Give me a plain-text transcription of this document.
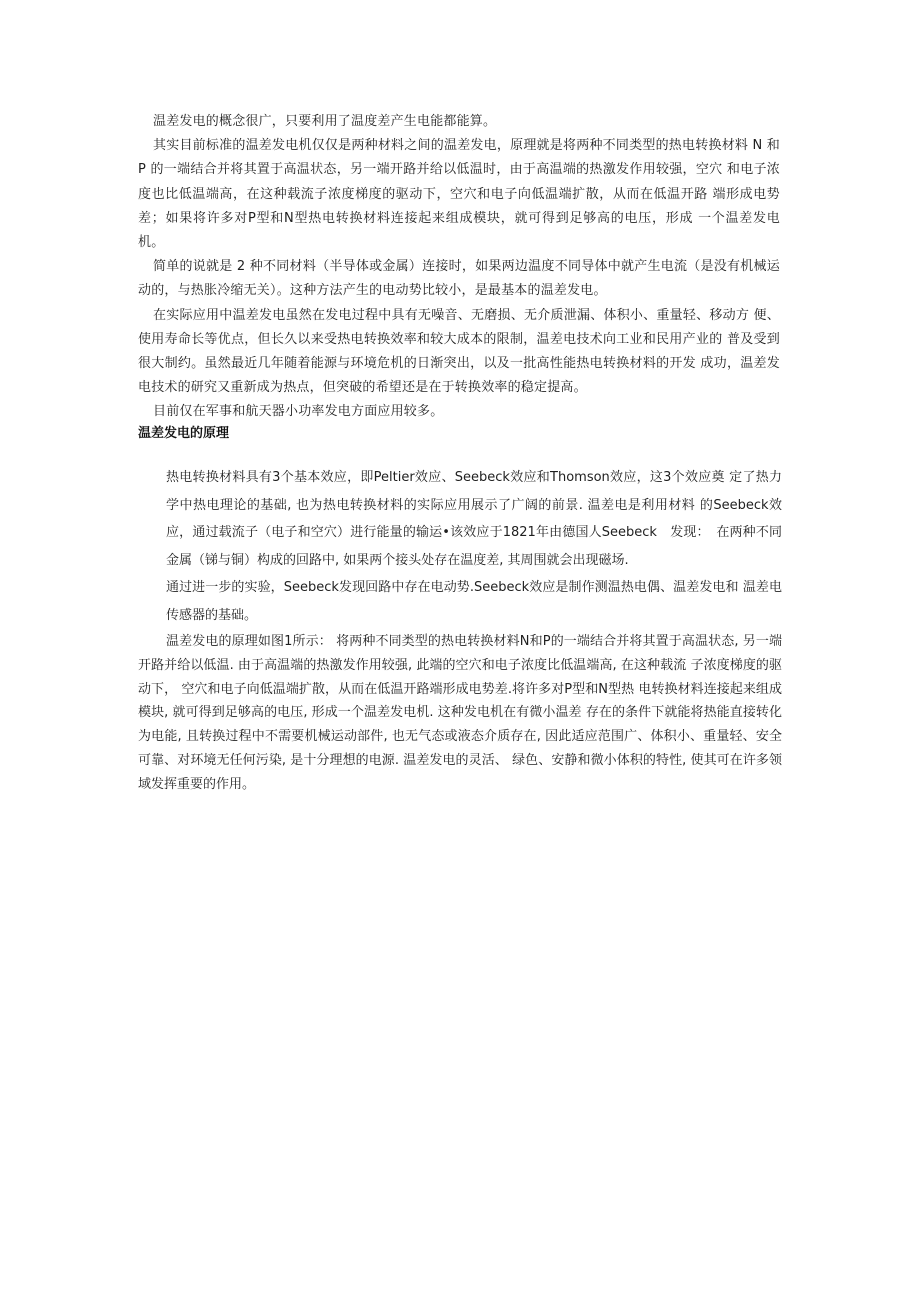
温差发电的概念很广，只要利用了温度差产生电能都能算。

其实目前标准的温差发电机仅仅是两种材料之间的温差发电，原理就是将两种不同类型的热电转换材料 N 和 P 的一端结合并将其置于高温状态，另一端开路并给以低温时，由于高温端的热激发作用较强，空穴 和电子浓度也比低温端高，在这种载流子浓度梯度的驱动下，空穴和电子向低温端扩散，从而在低温开路 端形成电势差；如果将许多对P型和N型热电转换材料连接起来组成模块，就可得到足够高的电压，形成 一个温差发电机。

简单的说就是 2 种不同材料（半导体或金属）连接时，如果两边温度不同导体中就产生电流（是没有机械运 动的，与热胀冷缩无关）。这种方法产生的电动势比较小，是最基本的温差发电。

在实际应用中温差发电虽然在发电过程中具有无噪音、无磨损、无介质泄漏、体积小、重量轻、移动方 便、使用寿命长等优点，但长久以来受热电转换效率和较大成本的限制，温差电技术向工业和民用产业的 普及受到很大制约。虽然最近几年随着能源与环境危机的日渐突出，以及一批高性能热电转换材料的开发 成功，温差发电技术的研究又重新成为热点，但突破的希望还是在于转换效率的稳定提高。

目前仅在军事和航天器小功率发电方面应用较多。

温差发电的原理

热电转换材料具有3个基本效应，即Peltier效应、Seebeck效应和Thomson效应，这3个效应奠 定了热力学中热电理论的基础, 也为热电转换材料的实际应用展示了广阔的前景. 温差电是利用材料 的Seebeck效应，通过载流子（电子和空穴）进行能量的输运•该效应于1821年由德国人Seebeck　发现：　在两种不同金属（锑与铜）构成的回路中, 如果两个接头处存在温度差, 其周围就会出现磁场.

通过进一步的实验，Seebeck发现回路中存在电动势.Seebeck效应是制作测温热电偶、温差发电和 温差电传感器的基础。

温差发电的原理如图1所示： 将两种不同类型的热电转换材料N和P的一端结合并将其置于高温状态, 另一端开路并给以低温. 由于高温端的热激发作用较强, 此端的空穴和电子浓度比低温端高, 在这种载流 子浓度梯度的驱动下， 空穴和电子向低温端扩散，从而在低温开路端形成电势差.将许多对P型和N型热 电转换材料连接起来组成模块, 就可得到足够高的电压, 形成一个温差发电机. 这种发电机在有微小温差 存在的条件下就能将热能直接转化为电能, 且转换过程中不需要机械运动部件, 也无气态或液态介质存在, 因此适应范围广、体积小、重量轻、安全可靠、对环境无任何污染, 是十分理想的电源. 温差发电的灵活、 绿色、安静和微小体积的特性, 使其可在许多领域发挥重要的作用。
